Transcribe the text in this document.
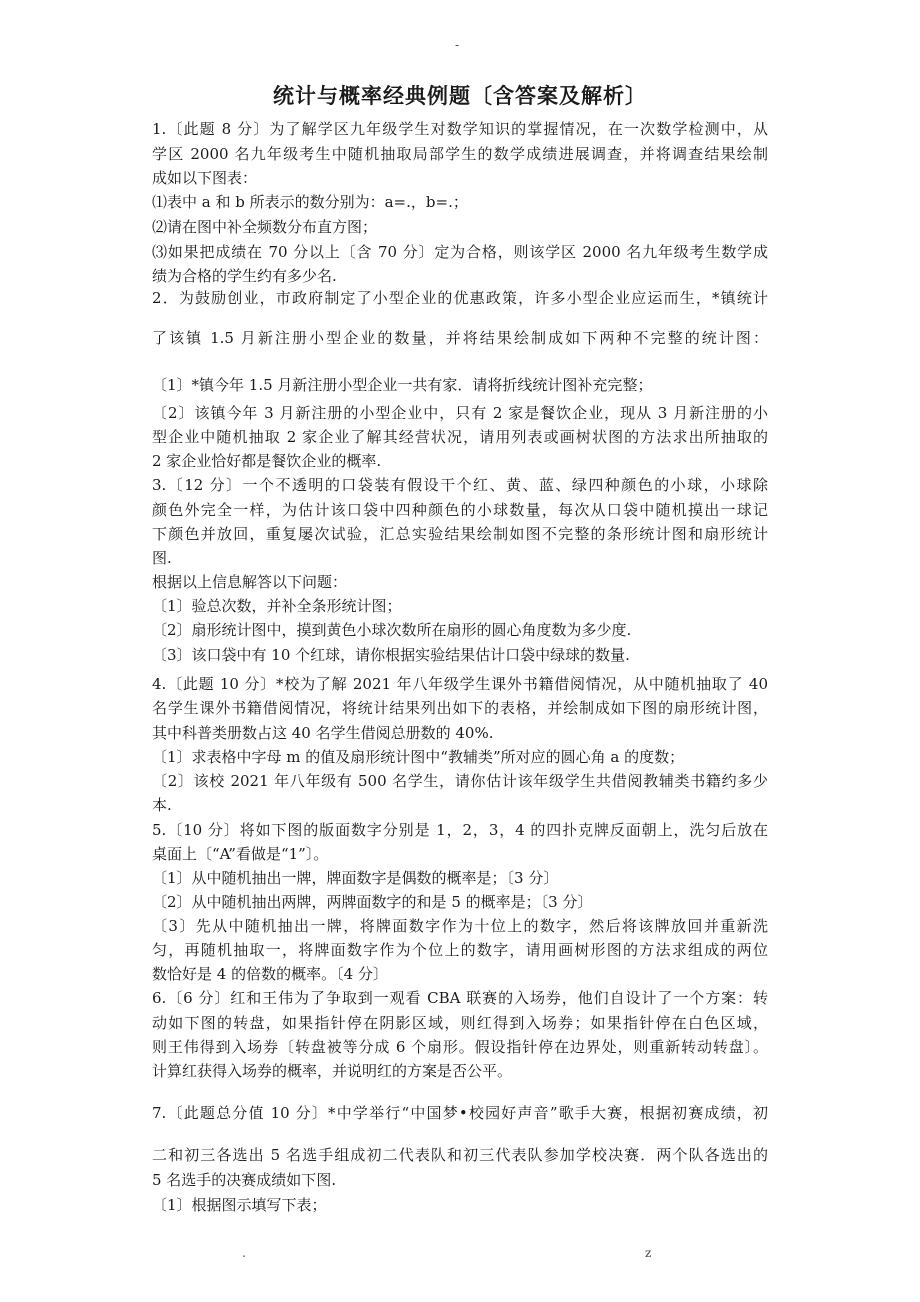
-
统计与概率经典例题〔含答案及解析〕
1.〔此题 8 分〕为了解学区九年级学生对数学知识的掌握情况，在一次数学检测中，从
学区 2000 名九年级考生中随机抽取局部学生的数学成绩进展调查，并将调查结果绘制
成如以下图表：
⑴表中 a 和 b 所表示的数分别为：a=.，b=.；
⑵请在图中补全频数分布直方图；
⑶如果把成绩在 70 分以上〔含 70 分〕定为合格，则该学区 2000 名九年级考生数学成
绩为合格的学生约有多少名.
2．为鼓励创业，市政府制定了小型企业的优惠政策，许多小型企业应运而生，*镇统计
了该镇 1.5 月新注册小型企业的数量，并将结果绘制成如下两种不完整的统计图：
〔1〕*镇今年 1.5 月新注册小型企业一共有家．请将折线统计图补充完整；
〔2〕该镇今年 3 月新注册的小型企业中，只有 2 家是餐饮企业，现从 3 月新注册的小
型企业中随机抽取 2 家企业了解其经营状况，请用列表或画树状图的方法求出所抽取的
2 家企业恰好都是餐饮企业的概率.
3.〔12 分〕一个不透明的口袋装有假设干个红、黄、蓝、绿四种颜色的小球，小球除
颜色外完全一样，为估计该口袋中四种颜色的小球数量，每次从口袋中随机摸出一球记
下颜色并放回，重复屡次试验，汇总实验结果绘制如图不完整的条形统计图和扇形统计
图.
根据以上信息解答以下问题：
〔1〕验总次数，并补全条形统计图；
〔2〕扇形统计图中，摸到黄色小球次数所在扇形的圆心角度数为多少度.
〔3〕该口袋中有 10 个红球，请你根据实验结果估计口袋中绿球的数量.
4.〔此题 10 分〕*校为了解 2021 年八年级学生课外书籍借阅情况，从中随机抽取了 40
名学生课外书籍借阅情况，将统计结果列出如下的表格，并绘制成如下图的扇形统计图，
其中科普类册数占这 40 名学生借阅总册数的 40%.
〔1〕求表格中字母 m 的值及扇形统计图中“教辅类”所对应的圆心角 a 的度数；
〔2〕该校 2021 年八年级有 500 名学生，请你估计该年级学生共借阅教辅类书籍约多少
本.
5.〔10 分〕将如下图的版面数字分别是 1，2，3，4 的四扑克牌反面朝上，洗匀后放在
桌面上〔“A”看做是“1”〕。
〔1〕从中随机抽出一牌，牌面数字是偶数的概率是；〔3 分〕
〔2〕从中随机抽出两牌，两牌面数字的和是 5 的概率是；〔3 分〕
〔3〕先从中随机抽出一牌，将牌面数字作为十位上的数字，然后将该牌放回并重新洗
匀，再随机抽取一，将牌面数字作为个位上的数字，请用画树形图的方法求组成的两位
数恰好是 4 的倍数的概率。〔4 分〕
6.〔6 分〕红和王伟为了争取到一观看 CBA 联赛的入场券，他们自设计了一个方案：转
动如下图的转盘，如果指针停在阴影区域，则红得到入场券；如果指针停在白色区域，
则王伟得到入场券〔转盘被等分成 6 个扇形。假设指针停在边界处，则重新转动转盘〕。
计算红获得入场券的概率，并说明红的方案是否公平。
7.〔此题总分值 10 分〕*中学举行“中国梦•校园好声音”歌手大赛，根据初赛成绩，初
二和初三各选出 5 名选手组成初二代表队和初三代表队参加学校决赛．两个队各选出的
5 名选手的决赛成绩如下图.
〔1〕根据图示填写下表；
.	z
